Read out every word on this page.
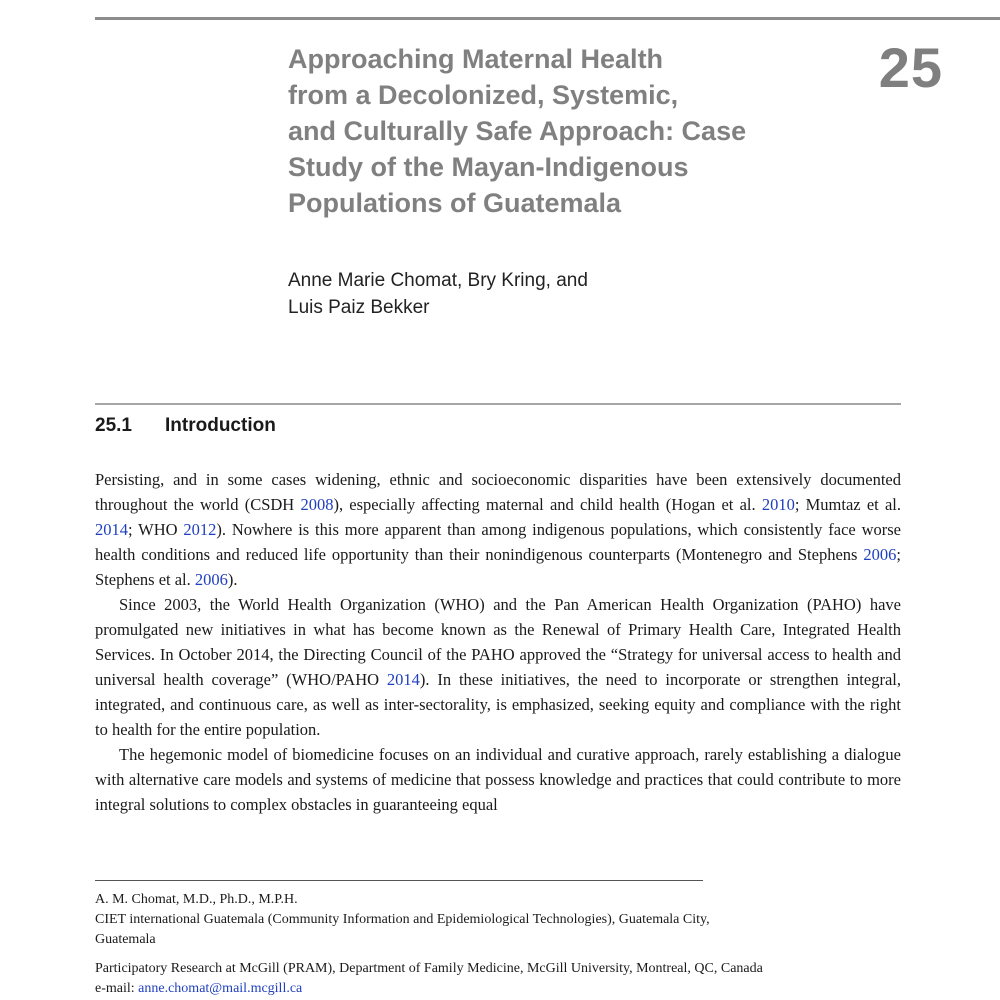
25
Approaching Maternal Health
from a Decolonized, Systemic,
and Culturally Safe Approach: Case
Study of the Mayan-Indigenous
Populations of Guatemala
Anne Marie Chomat, Bry Kring, and
Luis Paiz Bekker
25.1 Introduction

Persisting, and in some cases widening, ethnic and socioeconomic disparities have been extensively documented throughout the world (CSDH 2008), especially affecting maternal and child health (Hogan et al. 2010; Mumtaz et al. 2014; WHO 2012). Nowhere is this more apparent than among indigenous populations, which consistently face worse health conditions and reduced life opportunity than their nonindigenous counterparts (Montenegro and Stephens 2006; Stephens et al. 2006).

Since 2003, the World Health Organization (WHO) and the Pan American Health Organization (PAHO) have promulgated new initiatives in what has become known as the Renewal of Primary Health Care, Integrated Health Services. In October 2014, the Directing Council of the PAHO approved the “Strategy for universal access to health and universal health coverage” (WHO/PAHO 2014). In these initiatives, the need to incorporate or strengthen integral, integrated, and continuous care, as well as inter-sectorality, is emphasized, seeking equity and compliance with the right to health for the entire population.

The hegemonic model of biomedicine focuses on an individual and curative approach, rarely establishing a dialogue with alternative care models and systems of medicine that possess knowledge and practices that could contribute to more integral solutions to complex obstacles in guaranteeing equal

A. M. Chomat, M.D., Ph.D., M.P.H.
CIET international Guatemala (Community Information and Epidemiological Technologies), Guatemala City,
Guatemala
Participatory Research at McGill (PRAM), Department of Family Medicine, McGill University, Montreal, QC, Canada
e-mail: anne.chomat@mail.mcgill.ca
